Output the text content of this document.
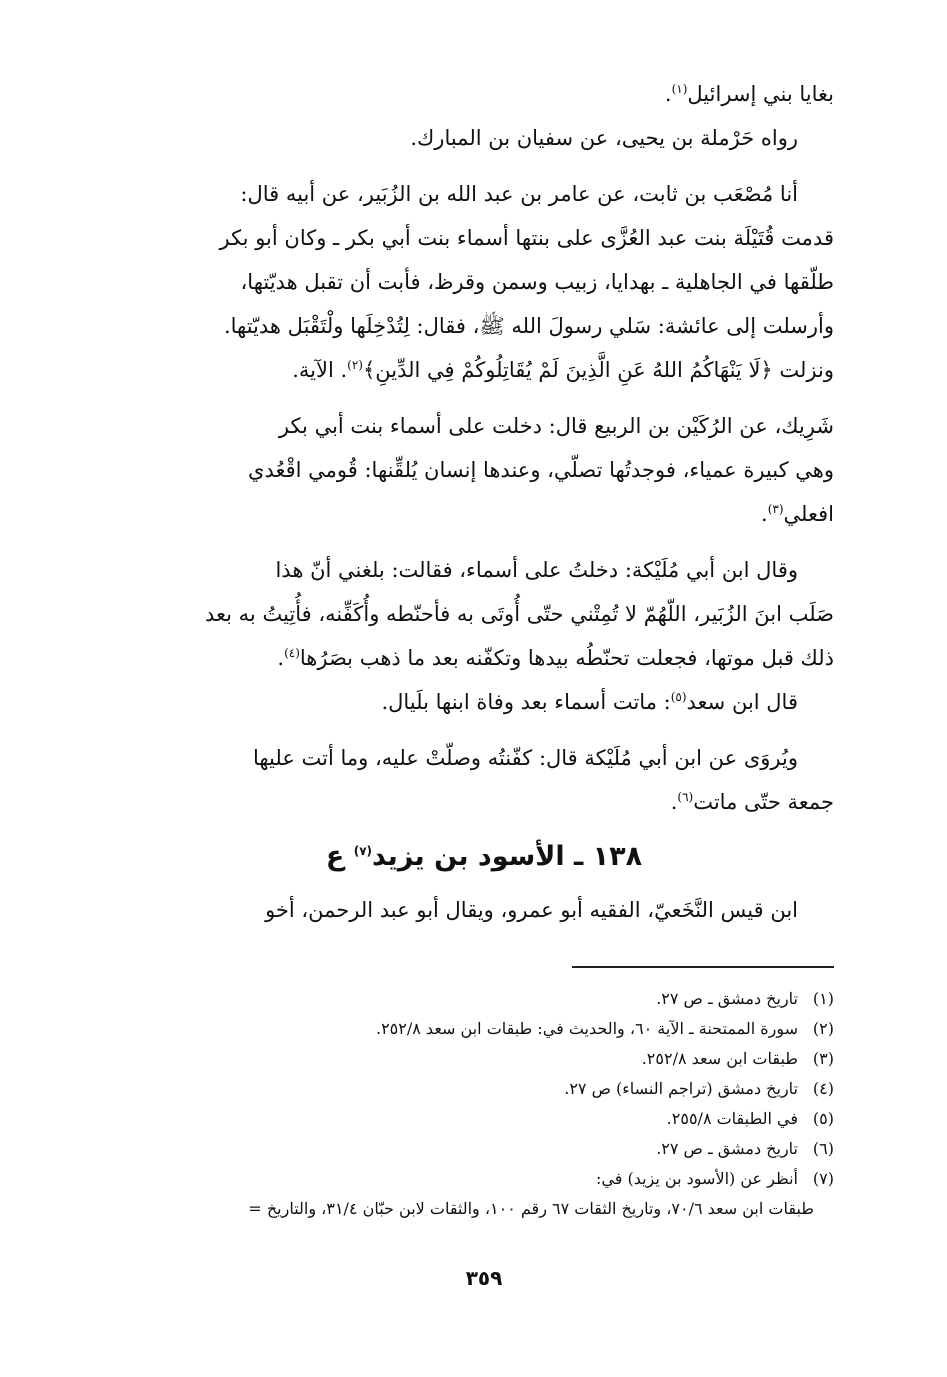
بغايا بني إسرائيل$^{(١)}$.
رواه حَرْملة بن يحيى، عن سفيان بن المبارك.
أنا مُصْعَب بن ثابت، عن عامر بن عبد الله بن الزُبَير، عن أبيه قال:
قدمت قُتَيْلَة بنت عبد العُزَّى على بنتها أسماء بنت أبي بكر ـ وكان أبو بكر
طلّقها في الجاهلية ـ بهدايا، زبيب وسمن وقرظ، فأبت أن تقبل هديّتها،
وأرسلت إلى عائشة: سَلي رسولَ الله ﷺ، فقال: لِتُدْخِلَها ولْتَقْبَل هديّتها.
ونزلت ﴿لَا يَنْهَاكُمُ اللهُ عَنِ الَّذِينَ لَمْ يُقَاتِلُوكُمْ فِي الدِّينِ﴾$^{(٢)}$. الآية.
شَرِيك، عن الرُكَيْن بن الربيع قال: دخلت على أسماء بنت أبي بكر
وهي كبيرة عمياء، فوجدتُها تصلّي، وعندها إنسان يُلقِّنها: قُومي اقْعُدي
افعلي$^{(٣)}$.
وقال ابن أبي مُلَيْكة: دخلتُ على أسماء، فقالت: بلغني أنّ هذا
صَلَب ابنَ الزُبَير، اللّهُمّ لا تُمِتْني حتّى أُوتَى به فأحنّطه وأُكَفِّنه، فأُتِيتُ به بعد
ذلك قبل موتها، فجعلت تحنّطُه بيدها وتكفّنه بعد ما ذهب بصَرُها$^{(٤)}$.
قال ابن سعد$^{(٥)}$: ماتت أسماء بعد وفاة ابنها بلَيال.
ويُروَى عن ابن أبي مُلَيْكة قال: كفّنتُه وصلّتْ عليه، وما أتت عليها
جمعة حتّى ماتت$^{(٦)}$.
١٣٨ ـ الأسود بن يزيد$^{(٧)}$ ع
ابن قيس النَّخَعيّ، الفقيه أبو عمرو، ويقال أبو عبد الرحمن، أخو
(١)تاريخ دمشق ـ ص ٢٧.
(٢)سورة الممتحنة ـ الآية ٦٠، والحديث في: طبقات ابن سعد ٢٥٢/٨.
(٣)طبقات ابن سعد ٢٥٢/٨.
(٤)تاريخ دمشق (تراجم النساء) ص ٢٧.
(٥)في الطبقات ٢٥٥/٨.
(٦)تاريخ دمشق ـ ص ٢٧.
(٧)أنظر عن (الأسود بن يزيد) في:
طبقات ابن سعد ٧٠/٦، وتاريخ الثقات ٦٧ رقم ١٠٠، والثقات لابن حبّان ٣١/٤، والتاريخ =
٣٥٩
